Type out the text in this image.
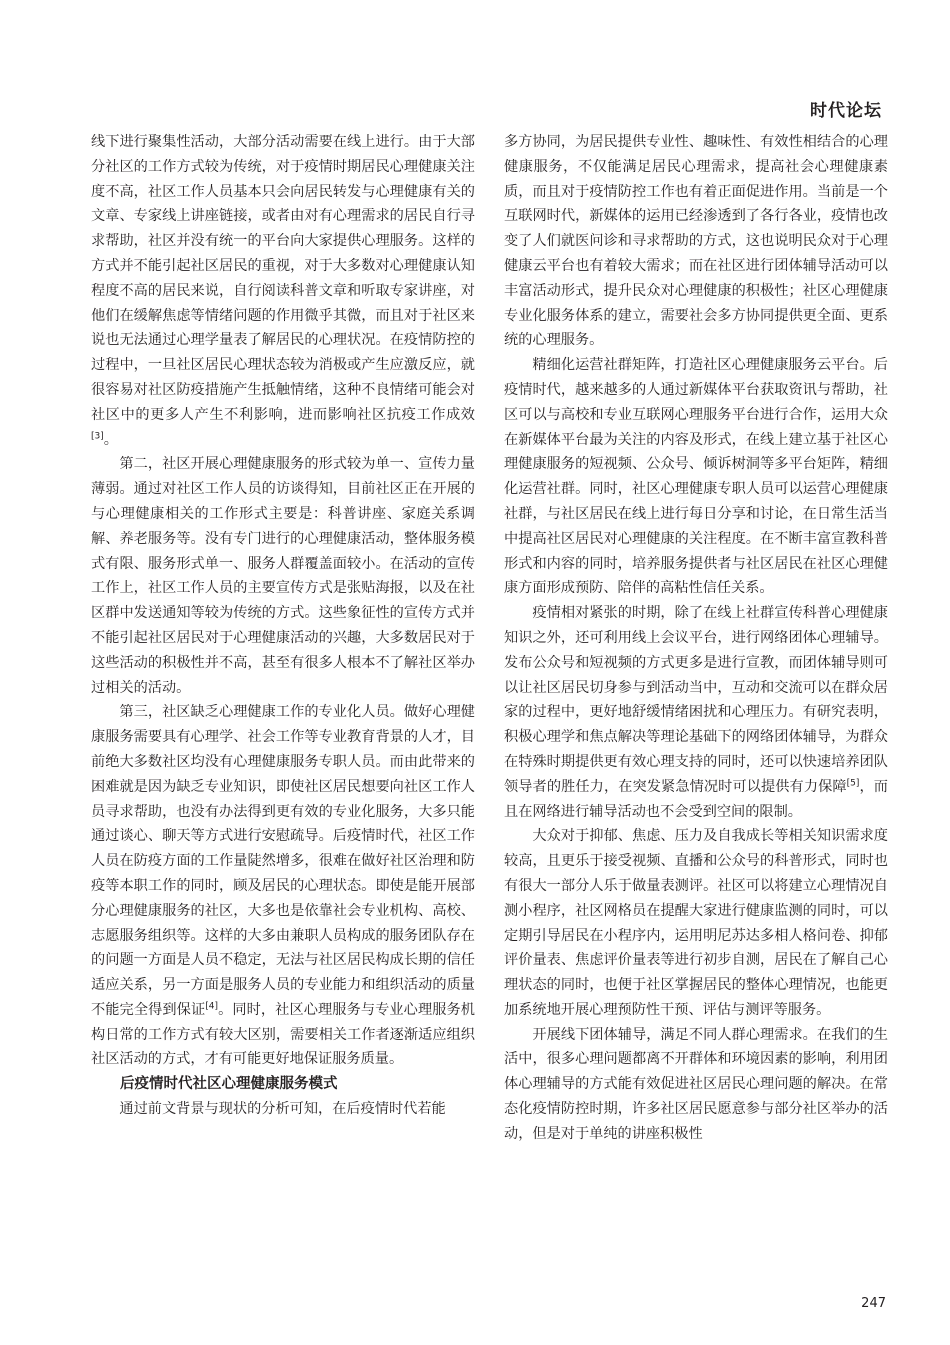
时代论坛

线下进行聚集性活动，大部分活动需要在线上进行。由于大部分社区的工作方式较为传统，对于疫情时期居民心理健康关注度不高，社区工作人员基本只会向居民转发与心理健康有关的文章、专家线上讲座链接，或者由对有心理需求的居民自行寻求帮助，社区并没有统一的平台向大家提供心理服务。这样的方式并不能引起社区居民的重视，对于大多数对心理健康认知程度不高的居民来说，自行阅读科普文章和听取专家讲座，对他们在缓解焦虑等情绪问题的作用微乎其微，而且对于社区来说也无法通过心理学量表了解居民的心理状况。在疫情防控的过程中，一旦社区居民心理状态较为消极或产生应激反应，就很容易对社区防疫措施产生抵触情绪，这种不良情绪可能会对社区中的更多人产生不利影响，进而影响社区抗疫工作成效[3]。

第二，社区开展心理健康服务的形式较为单一、宣传力量薄弱。通过对社区工作人员的访谈得知，目前社区正在开展的与心理健康相关的工作形式主要是：科普讲座、家庭关系调解、养老服务等。没有专门进行的心理健康活动，整体服务模式有限、服务形式单一、服务人群覆盖面较小。在活动的宣传工作上，社区工作人员的主要宣传方式是张贴海报，以及在社区群中发送通知等较为传统的方式。这些象征性的宣传方式并不能引起社区居民对于心理健康活动的兴趣，大多数居民对于这些活动的积极性并不高，甚至有很多人根本不了解社区举办过相关的活动。

第三，社区缺乏心理健康工作的专业化人员。做好心理健康服务需要具有心理学、社会工作等专业教育背景的人才，目前绝大多数社区均没有心理健康服务专职人员。而由此带来的困难就是因为缺乏专业知识，即使社区居民想要向社区工作人员寻求帮助，也没有办法得到更有效的专业化服务，大多只能通过谈心、聊天等方式进行安慰疏导。后疫情时代，社区工作人员在防疫方面的工作量陡然增多，很难在做好社区治理和防疫等本职工作的同时，顾及居民的心理状态。即使是能开展部分心理健康服务的社区，大多也是依靠社会专业机构、高校、志愿服务组织等。这样的大多由兼职人员构成的服务团队存在的问题一方面是人员不稳定，无法与社区居民构成长期的信任适应关系，另一方面是服务人员的专业能力和组织活动的质量不能完全得到保证[4]。同时，社区心理服务与专业心理服务机构日常的工作方式有较大区别，需要相关工作者逐渐适应组织社区活动的方式，才有可能更好地保证服务质量。

后疫情时代社区心理健康服务模式

通过前文背景与现状的分析可知，在后疫情时代若能

多方协同，为居民提供专业性、趣味性、有效性相结合的心理健康服务，不仅能满足居民心理需求，提高社会心理健康素质，而且对于疫情防控工作也有着正面促进作用。当前是一个互联网时代，新媒体的运用已经渗透到了各行各业，疫情也改变了人们就医问诊和寻求帮助的方式，这也说明民众对于心理健康云平台也有着较大需求；而在社区进行团体辅导活动可以丰富活动形式，提升民众对心理健康的积极性；社区心理健康专业化服务体系的建立，需要社会多方协同提供更全面、更系统的心理服务。

精细化运营社群矩阵，打造社区心理健康服务云平台。后疫情时代，越来越多的人通过新媒体平台获取资讯与帮助，社区可以与高校和专业互联网心理服务平台进行合作，运用大众在新媒体平台最为关注的内容及形式，在线上建立基于社区心理健康服务的短视频、公众号、倾诉树洞等多平台矩阵，精细化运营社群。同时，社区心理健康专职人员可以运营心理健康社群，与社区居民在线上进行每日分享和讨论，在日常生活当中提高社区居民对心理健康的关注程度。在不断丰富宣教科普形式和内容的同时，培养服务提供者与社区居民在社区心理健康方面形成预防、陪伴的高粘性信任关系。

疫情相对紧张的时期，除了在线上社群宣传科普心理健康知识之外，还可利用线上会议平台，进行网络团体心理辅导。发布公众号和短视频的方式更多是进行宣教，而团体辅导则可以让社区居民切身参与到活动当中，互动和交流可以在群众居家的过程中，更好地舒缓情绪困扰和心理压力。有研究表明，积极心理学和焦点解决等理论基础下的网络团体辅导，为群众在特殊时期提供更有效心理支持的同时，还可以快速培养团队领导者的胜任力，在突发紧急情况时可以提供有力保障[5]，而且在网络进行辅导活动也不会受到空间的限制。

大众对于抑郁、焦虑、压力及自我成长等相关知识需求度较高，且更乐于接受视频、直播和公众号的科普形式，同时也有很大一部分人乐于做量表测评。社区可以将建立心理情况自测小程序，社区网格员在提醒大家进行健康监测的同时，可以定期引导居民在小程序内，运用明尼苏达多相人格问卷、抑郁评价量表、焦虑评价量表等进行初步自测，居民在了解自己心理状态的同时，也便于社区掌握居民的整体心理情况，也能更加系统地开展心理预防性干预、评估与测评等服务。

开展线下团体辅导，满足不同人群心理需求。在我们的生活中，很多心理问题都离不开群体和环境因素的影响，利用团体心理辅导的方式能有效促进社区居民心理问题的解决。在常态化疫情防控时期，许多社区居民愿意参与部分社区举办的活动，但是对于单纯的讲座积极性

247
